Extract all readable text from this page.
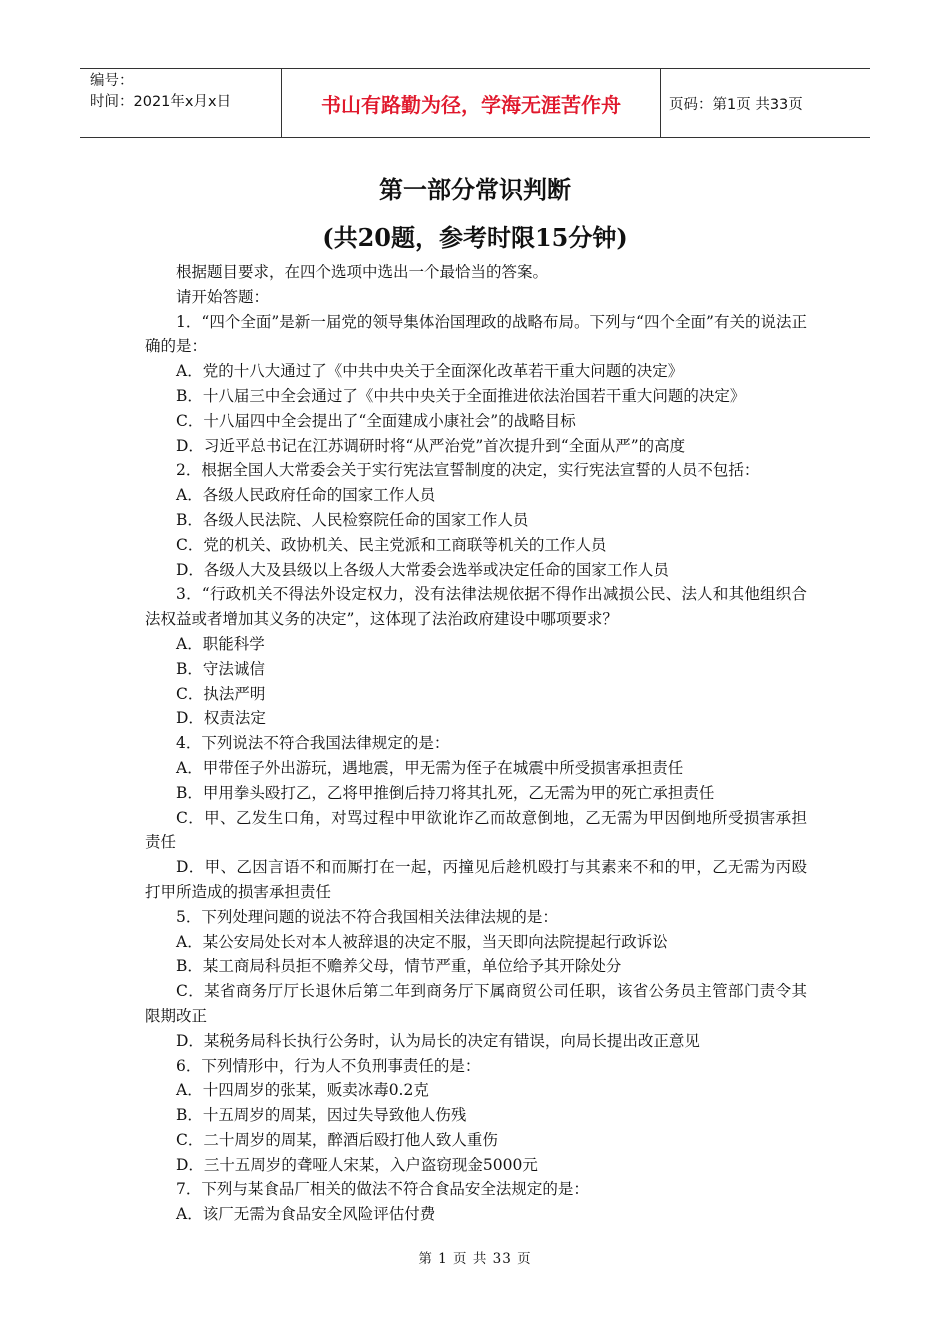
编号：
时间：2021年x月x日	书山有路勤为径，学海无涯苦作舟	页码：第1页 共33页
第一部分常识判断
(共20题，参考时限15分钟)

根据题目要求，在四个选项中选出一个最恰当的答案。

请开始答题：

1．“四个全面”是新一届党的领导集体治国理政的战略布局。下列与“四个全面”有关的说法正确的是：

A．党的十八大通过了《中共中央关于全面深化改革若干重大问题的决定》

B．十八届三中全会通过了《中共中央关于全面推进依法治国若干重大问题的决定》

C．十八届四中全会提出了“全面建成小康社会”的战略目标

D．习近平总书记在江苏调研时将“从严治党”首次提升到“全面从严”的高度

2．根据全国人大常委会关于实行宪法宣誓制度的决定，实行宪法宣誓的人员不包括：

A．各级人民政府任命的国家工作人员

B．各级人民法院、人民检察院任命的国家工作人员

C．党的机关、政协机关、民主党派和工商联等机关的工作人员

D．各级人大及县级以上各级人大常委会选举或决定任命的国家工作人员

3．“行政机关不得法外设定权力，没有法律法规依据不得作出减损公民、法人和其他组织合法权益或者增加其义务的决定”，这体现了法治政府建设中哪项要求？

A．职能科学

B．守法诚信

C．执法严明

D．权责法定

4．下列说法不符合我国法律规定的是：

A．甲带侄子外出游玩，遇地震，甲无需为侄子在城震中所受损害承担责任

B．甲用拳头殴打乙，乙将甲推倒后持刀将其扎死，乙无需为甲的死亡承担责任

C．甲、乙发生口角，对骂过程中甲欲讹诈乙而故意倒地，乙无需为甲因倒地所受损害承担责任

D．甲、乙因言语不和而厮打在一起，丙撞见后趁机殴打与其素来不和的甲，乙无需为丙殴打甲所造成的损害承担责任

5．下列处理问题的说法不符合我国相关法律法规的是：

A．某公安局处长对本人被辞退的决定不服，当天即向法院提起行政诉讼

B．某工商局科员拒不赡养父母，情节严重，单位给予其开除处分

C．某省商务厅厅长退休后第二年到商务厅下属商贸公司任职，该省公务员主管部门责令其限期改正

D．某税务局科长执行公务时，认为局长的决定有错误，向局长提出改正意见

6．下列情形中，行为人不负刑事责任的是：

A．十四周岁的张某，贩卖冰毒0.2克

B．十五周岁的周某，因过失导致他人伤残

C．二十周岁的周某，醉酒后殴打他人致人重伤

D．三十五周岁的聋哑人宋某，入户盗窃现金5000元

7．下列与某食品厂相关的做法不符合食品安全法规定的是：

A．该厂无需为食品安全风险评估付费

第 1 页 共 33 页
